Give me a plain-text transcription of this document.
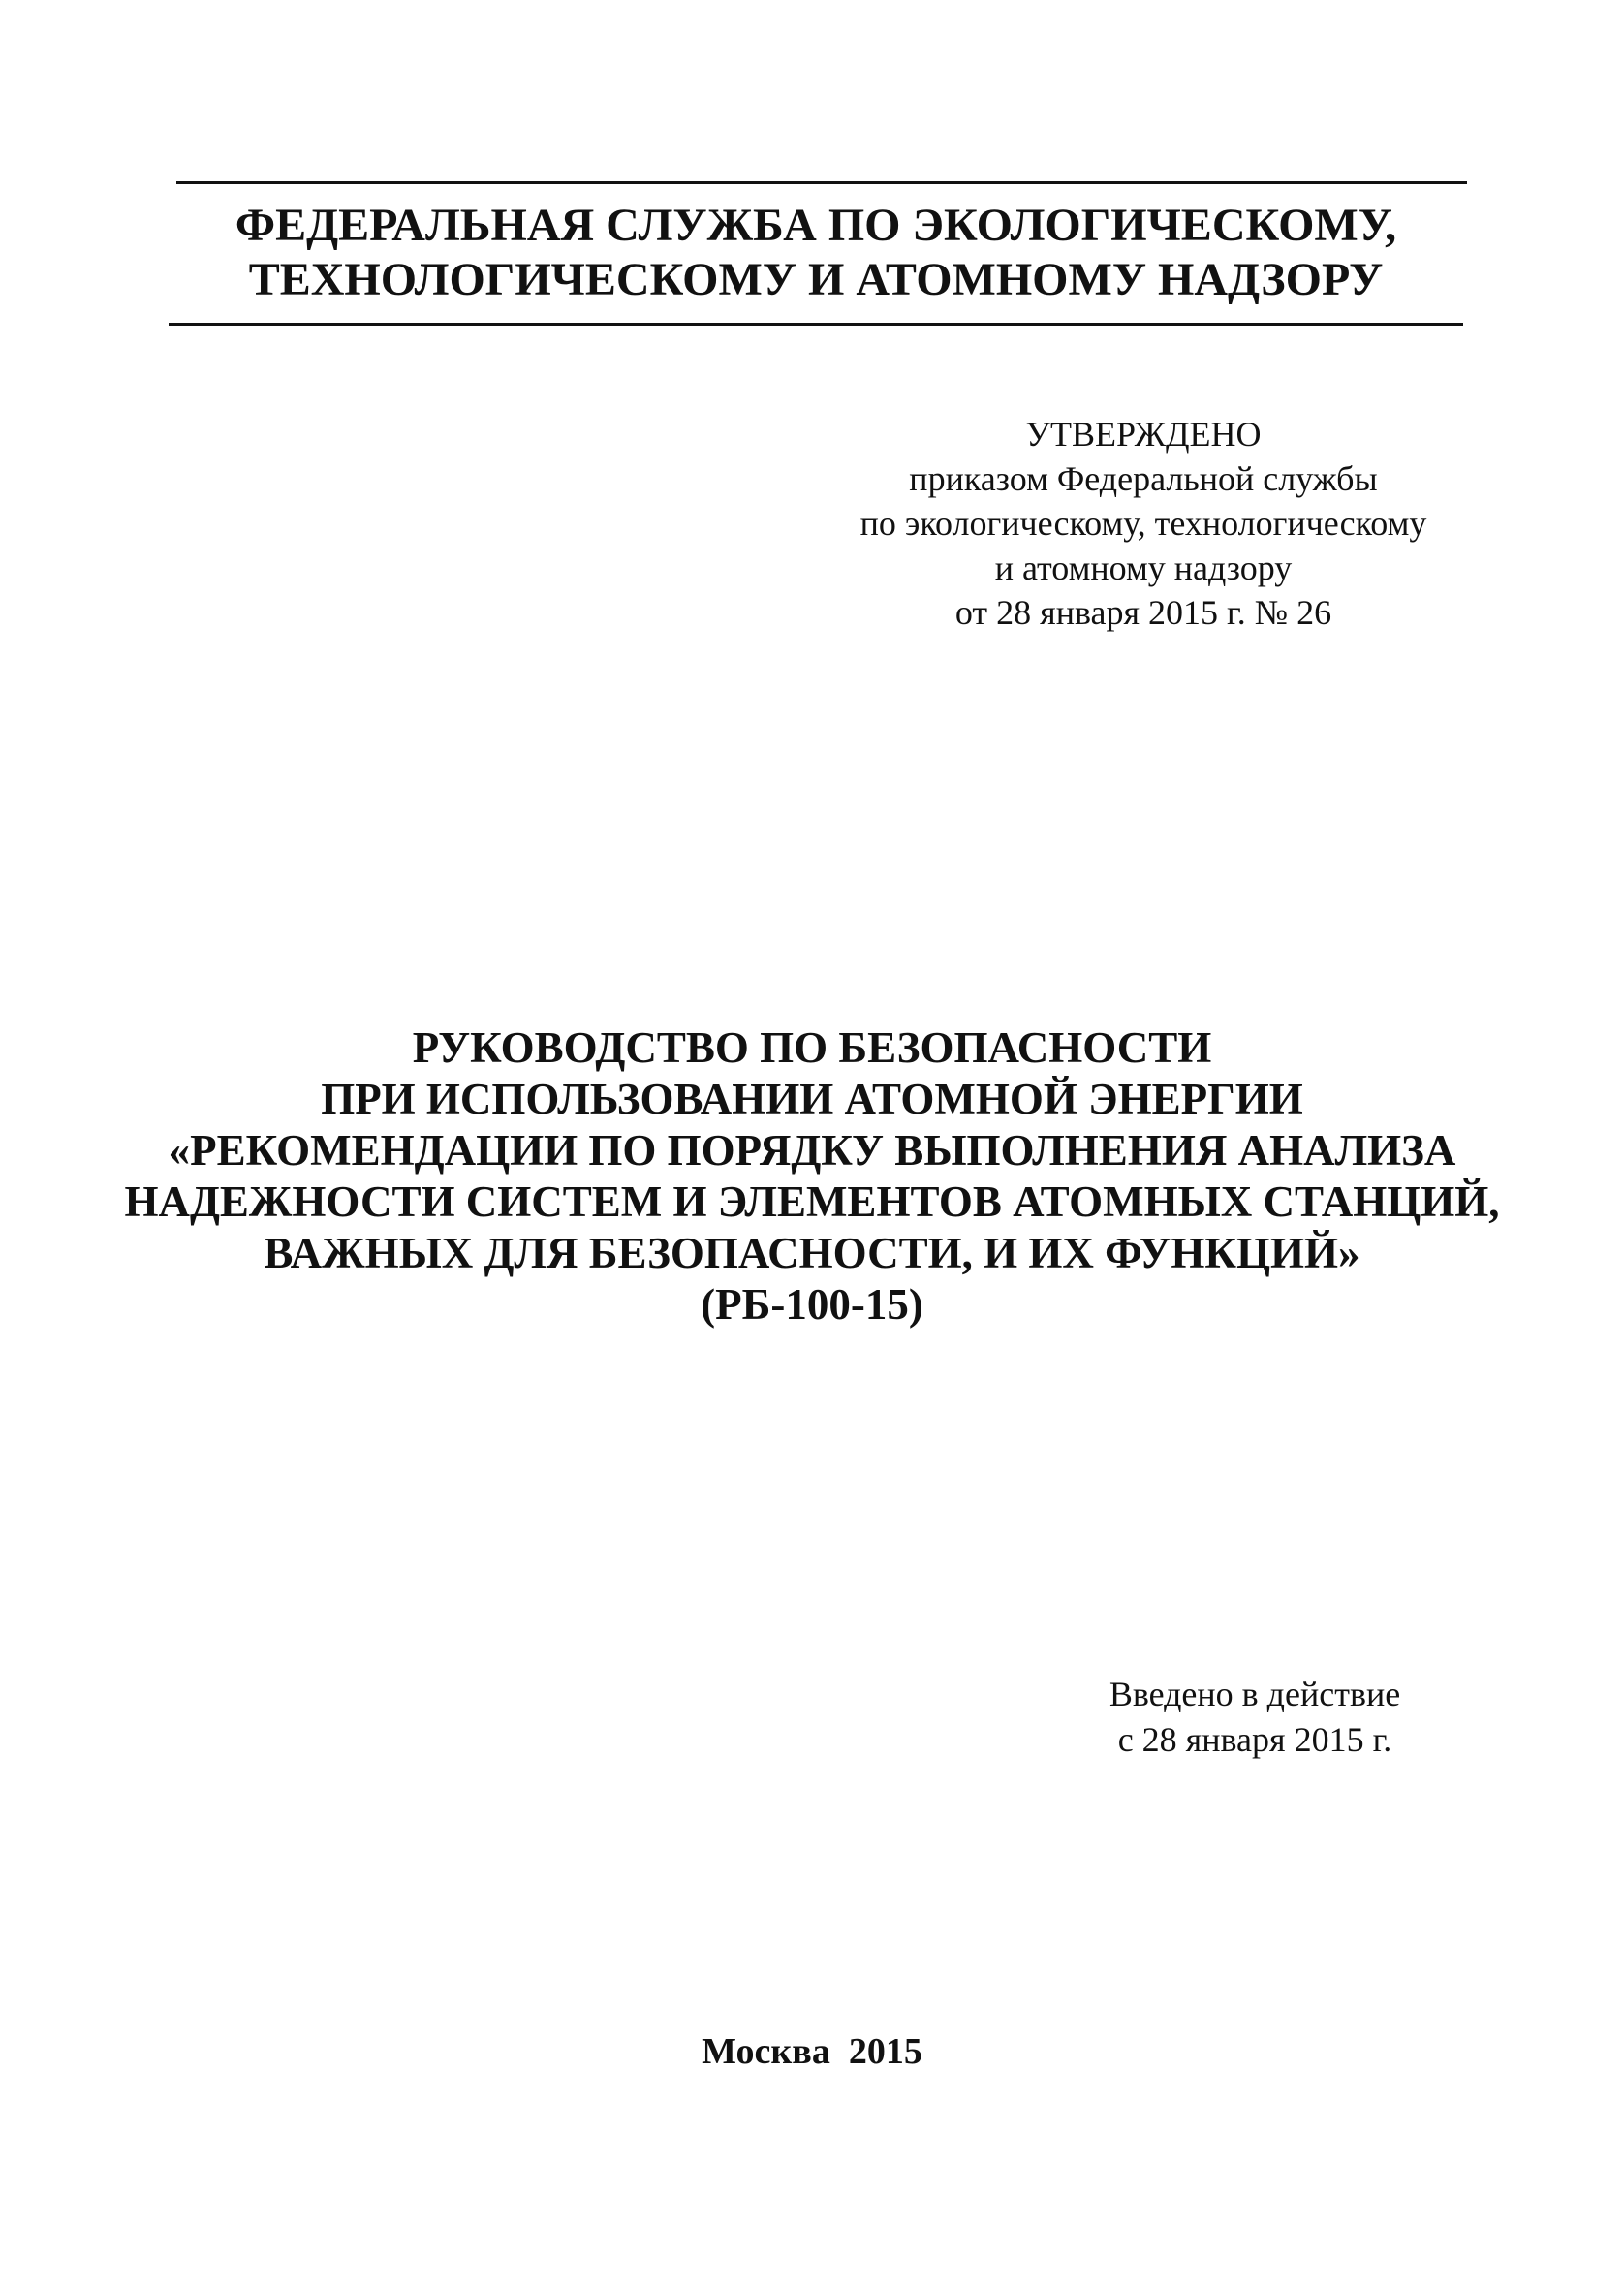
ФЕДЕРАЛЬНАЯ СЛУЖБА ПО ЭКОЛОГИЧЕСКОМУ,
ТЕХНОЛОГИЧЕСКОМУ И АТОМНОМУ НАДЗОРУ
УТВЕРЖДЕНО
приказом Федеральной службы
по экологическому, технологическому
и атомному надзору
от 28 января 2015 г. № 26
РУКОВОДСТВО ПО БЕЗОПАСНОСТИ
ПРИ ИСПОЛЬЗОВАНИИ АТОМНОЙ ЭНЕРГИИ
«РЕКОМЕНДАЦИИ ПО ПОРЯДКУ ВЫПОЛНЕНИЯ АНАЛИЗА
НАДЕЖНОСТИ СИСТЕМ И ЭЛЕМЕНТОВ АТОМНЫХ СТАНЦИЙ,
ВАЖНЫХ ДЛЯ БЕЗОПАСНОСТИ, И ИХ ФУНКЦИЙ»
(РБ-100-15)
Введено в действие
с 28 января 2015 г.
Москва  2015
